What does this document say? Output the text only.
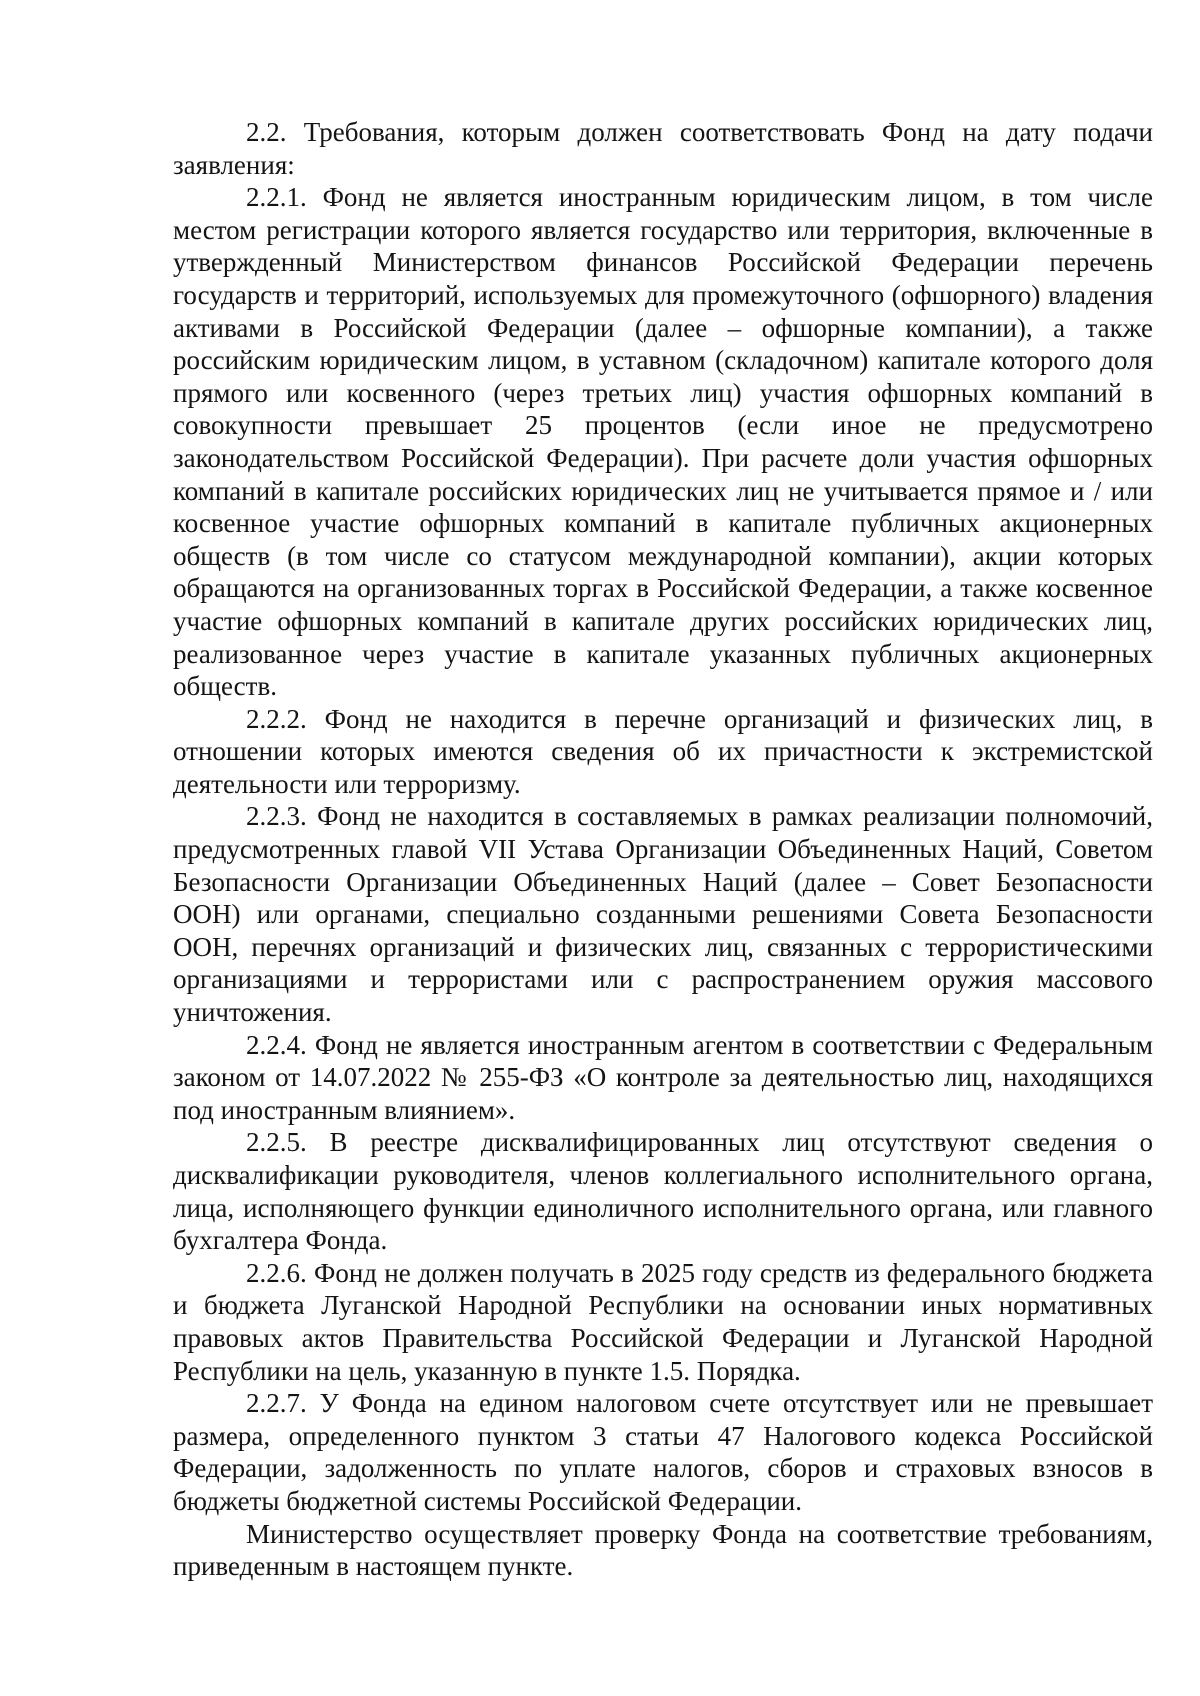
2.2. Требования, которым должен соответствовать Фонд на дату подачи заявления:

2.2.1. Фонд не является иностранным юридическим лицом, в том числе местом регистрации которого является государство или территория, включенные в утвержденный Министерством финансов Российской Федерации перечень государств и территорий, используемых для промежуточного (офшорного) владения активами в Российской Федерации (далее – офшорные компании), а также российским юридическим лицом, в уставном (складочном) капитале которого доля прямого или косвенного (через третьих лиц) участия офшорных компаний в совокупности превышает 25 процентов (если иное не предусмотрено законодательством Российской Федерации). При расчете доли участия офшорных компаний в капитале российских юридических лиц не учитывается прямое и / или косвенное участие офшорных компаний в капитале публичных акционерных обществ (в том числе со статусом международной компании), акции которых обращаются на организованных торгах в Российской Федерации, а также косвенное участие офшорных компаний в капитале других российских юридических лиц, реализованное через участие в капитале указанных публичных акционерных обществ.

2.2.2. Фонд не находится в перечне организаций и физических лиц, в отношении которых имеются сведения об их причастности к экстремистской деятельности или терроризму.

2.2.3. Фонд не находится в составляемых в рамках реализации полномочий, предусмотренных главой VII Устава Организации Объединенных Наций, Советом Безопасности Организации Объединенных Наций (далее – Совет Безопасности ООН) или органами, специально созданными решениями Совета Безопасности ООН, перечнях организаций и физических лиц, связанных с террористическими организациями и террористами или с распространением оружия массового уничтожения.

2.2.4. Фонд не является иностранным агентом в соответствии с Федеральным законом от 14.07.2022 № 255-ФЗ «О контроле за деятельностью лиц, находящихся под иностранным влиянием».

2.2.5. В реестре дисквалифицированных лиц отсутствуют сведения о дисквалификации руководителя, членов коллегиального исполнительного органа, лица, исполняющего функции единоличного исполнительного органа, или главного бухгалтера Фонда.

2.2.6. Фонд не должен получать в 2025 году средств из федерального бюджета и бюджета Луганской Народной Республики на основании иных нормативных правовых актов Правительства Российской Федерации и Луганской Народной Республики на цель, указанную в пункте 1.5. Порядка.

2.2.7. У Фонда на едином налоговом счете отсутствует или не превышает размера, определенного пунктом 3 статьи 47 Налогового кодекса Российской Федерации, задолженность по уплате налогов, сборов и страховых взносов в бюджеты бюджетной системы Российской Федерации.

Министерство осуществляет проверку Фонда на соответствие требованиям, приведенным в настоящем пункте.
